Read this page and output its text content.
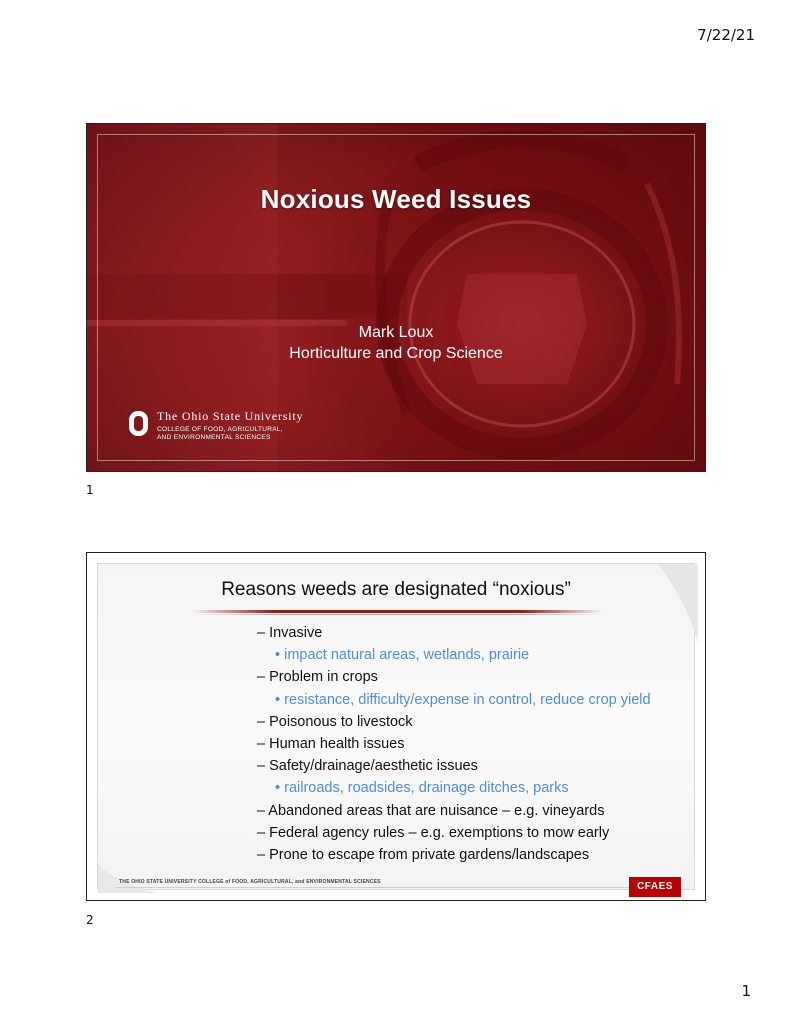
7/22/21
Noxious Weed Issues
Mark Loux
Horticulture and Crop Science
The Ohio State University
COLLEGE OF FOOD, AGRICULTURAL,
AND ENVIRONMENTAL SCIENCES
1
Reasons weeds are designated “noxious”
– Invasive
• impact natural areas, wetlands, prairie
– Problem in crops
• resistance, difficulty/expense in control, reduce crop yield
– Poisonous to livestock
– Human health issues
– Safety/drainage/aesthetic issues
• railroads, roadsides, drainage ditches, parks
– Abandoned areas that are nuisance – e.g. vineyards
– Federal agency rules – e.g. exemptions to mow early
– Prone to escape from private gardens/landscapes
THE OHIO STATE UNIVERSITY COLLEGE of FOOD, AGRICULTURAL, and ENVIRONMENTAL SCIENCES	CFAES
2
1
